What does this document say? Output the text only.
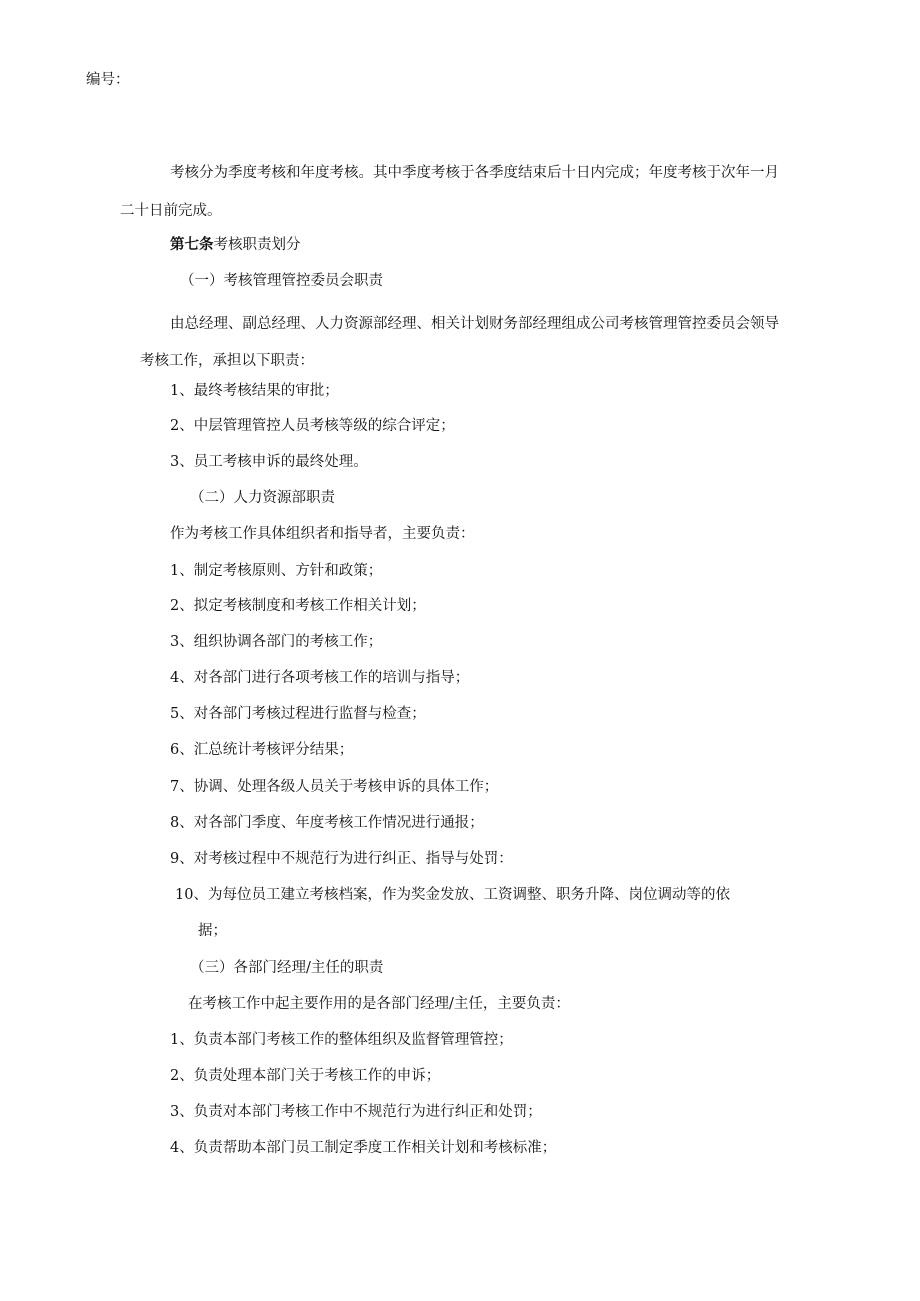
编号：
考核分为季度考核和年度考核。其中季度考核于各季度结束后十日内完成；年度考核于次年一月二十日前完成。
第七条考核职责划分
（一）考核管理管控委员会职责
由总经理、副总经理、人力资源部经理、相关计划财务部经理组成公司考核管理管控委员会领导考核工作，承担以下职责：
1、最终考核结果的审批；
2、中层管理管控人员考核等级的综合评定；
3、员工考核申诉的最终处理。
（二）人力资源部职责
作为考核工作具体组织者和指导者，主要负责：
1、制定考核原则、方针和政策；
2、拟定考核制度和考核工作相关计划；
3、组织协调各部门的考核工作；
4、对各部门进行各项考核工作的培训与指导；
5、对各部门考核过程进行监督与检查；
6、汇总统计考核评分结果；
7、协调、处理各级人员关于考核申诉的具体工作；
8、对各部门季度、年度考核工作情况进行通报；
9、对考核过程中不规范行为进行纠正、指导与处罚：
10、为每位员工建立考核档案，作为奖金发放、工资调整、职务升降、岗位调动等的依
据；
（三）各部门经理/主任的职责
在考核工作中起主要作用的是各部门经理/主任，主要负责：
1、负责本部门考核工作的整体组织及监督管理管控；
2、负责处理本部门关于考核工作的申诉；
3、负责对本部门考核工作中不规范行为进行纠正和处罚；
4、负责帮助本部门员工制定季度工作相关计划和考核标准；
